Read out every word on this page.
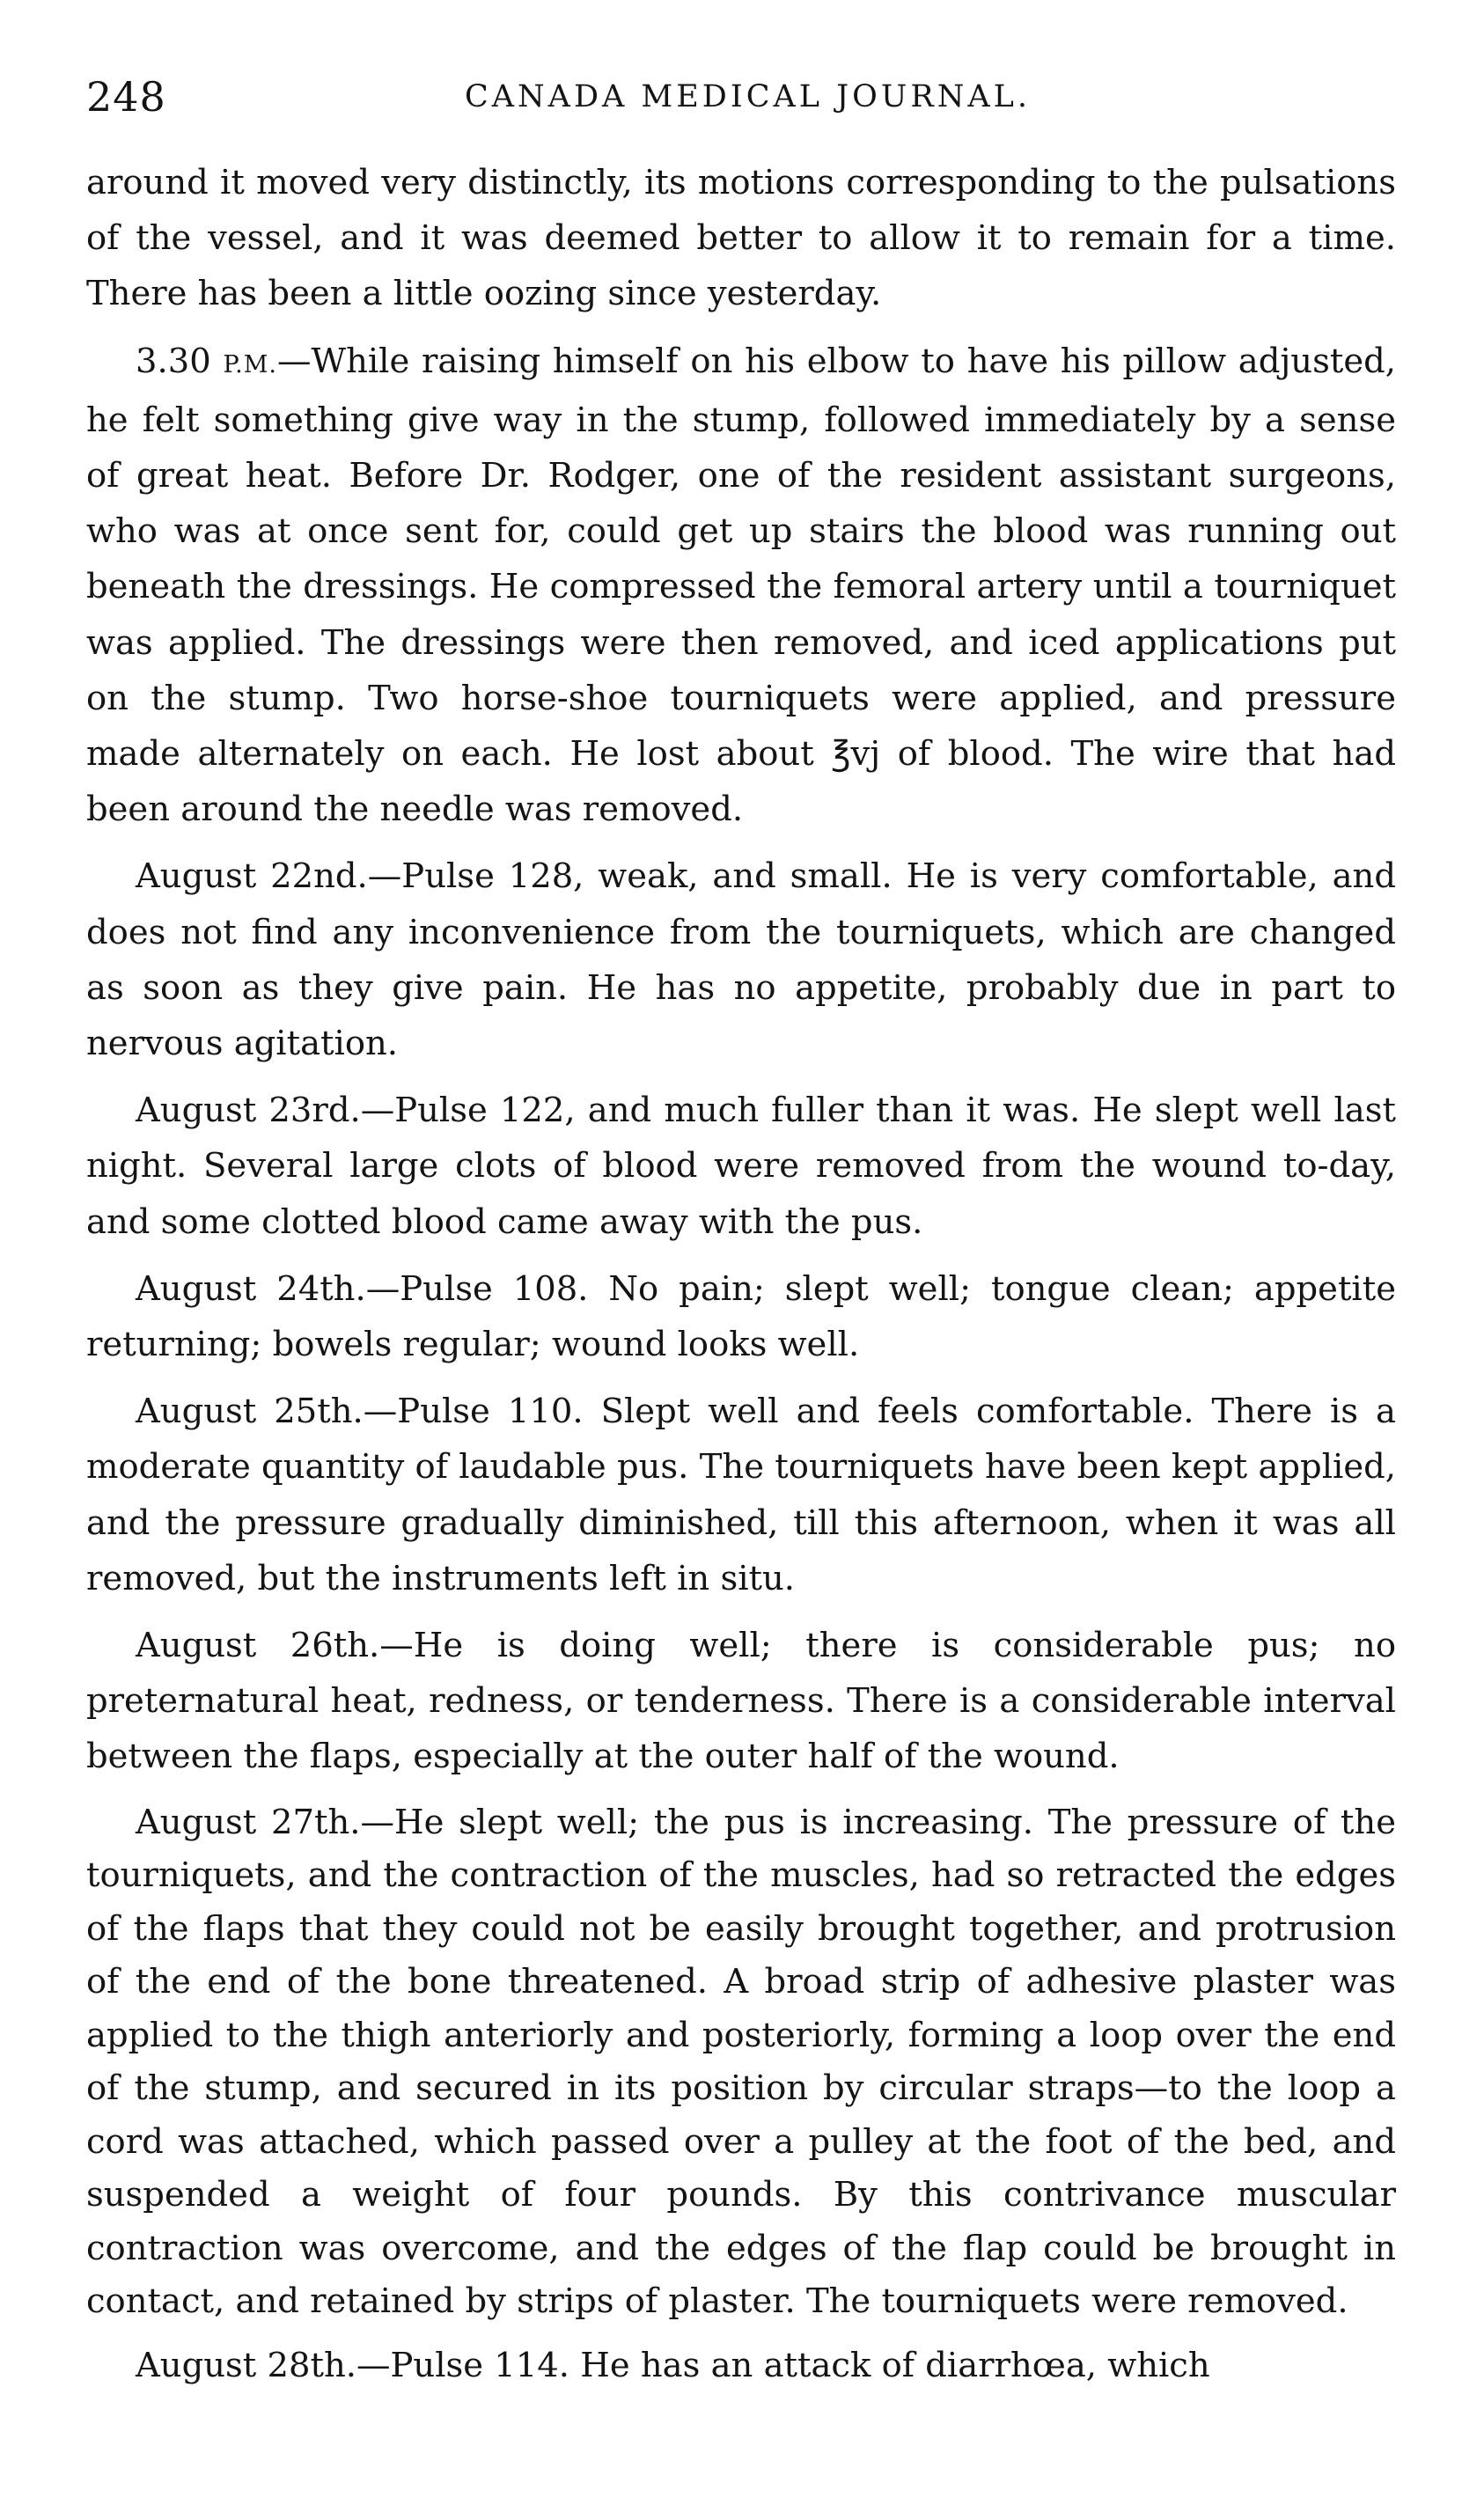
248	CANADA MEDICAL JOURNAL.

around it moved very distinctly, its motions corresponding to the pulsations of the vessel, and it was deemed better to allow it to remain for a time. There has been a little oozing since yesterday.

3.30 P.M.—While raising himself on his elbow to have his pillow adjusted, he felt something give way in the stump, followed immediately by a sense of great heat. Before Dr. Rodger, one of the resident assistant surgeons, who was at once sent for, could get up stairs the blood was running out beneath the dressings. He compressed the femoral artery until a tourniquet was applied. The dressings were then removed, and iced applications put on the stump. Two horse-shoe tourniquets were applied, and pressure made alternately on each. He lost about ℥vj of blood. The wire that had been around the needle was removed.

August 22nd.—Pulse 128, weak, and small. He is very comfortable, and does not find any inconvenience from the tourniquets, which are changed as soon as they give pain. He has no appetite, probably due in part to nervous agitation.

August 23rd.—Pulse 122, and much fuller than it was. He slept well last night. Several large clots of blood were removed from the wound to-day, and some clotted blood came away with the pus.

August 24th.—Pulse 108. No pain; slept well; tongue clean; appetite returning; bowels regular; wound looks well.

August 25th.—Pulse 110. Slept well and feels comfortable. There is a moderate quantity of laudable pus. The tourniquets have been kept applied, and the pressure gradually diminished, till this afternoon, when it was all removed, but the instruments left in situ.

August 26th.—He is doing well; there is considerable pus; no preternatural heat, redness, or tenderness. There is a considerable interval between the flaps, especially at the outer half of the wound.

August 27th.—He slept well; the pus is increasing. The pressure of the tourniquets, and the contraction of the muscles, had so retracted the edges of the flaps that they could not be easily brought together, and protrusion of the end of the bone threatened. A broad strip of adhesive plaster was applied to the thigh anteriorly and posteriorly, forming a loop over the end of the stump, and secured in its position by circular straps—to the loop a cord was attached, which passed over a pulley at the foot of the bed, and suspended a weight of four pounds. By this contrivance muscular contraction was overcome, and the edges of the flap could be brought in contact, and retained by strips of plaster. The tourniquets were removed.

August 28th.—Pulse 114. He has an attack of diarrhœa, which
